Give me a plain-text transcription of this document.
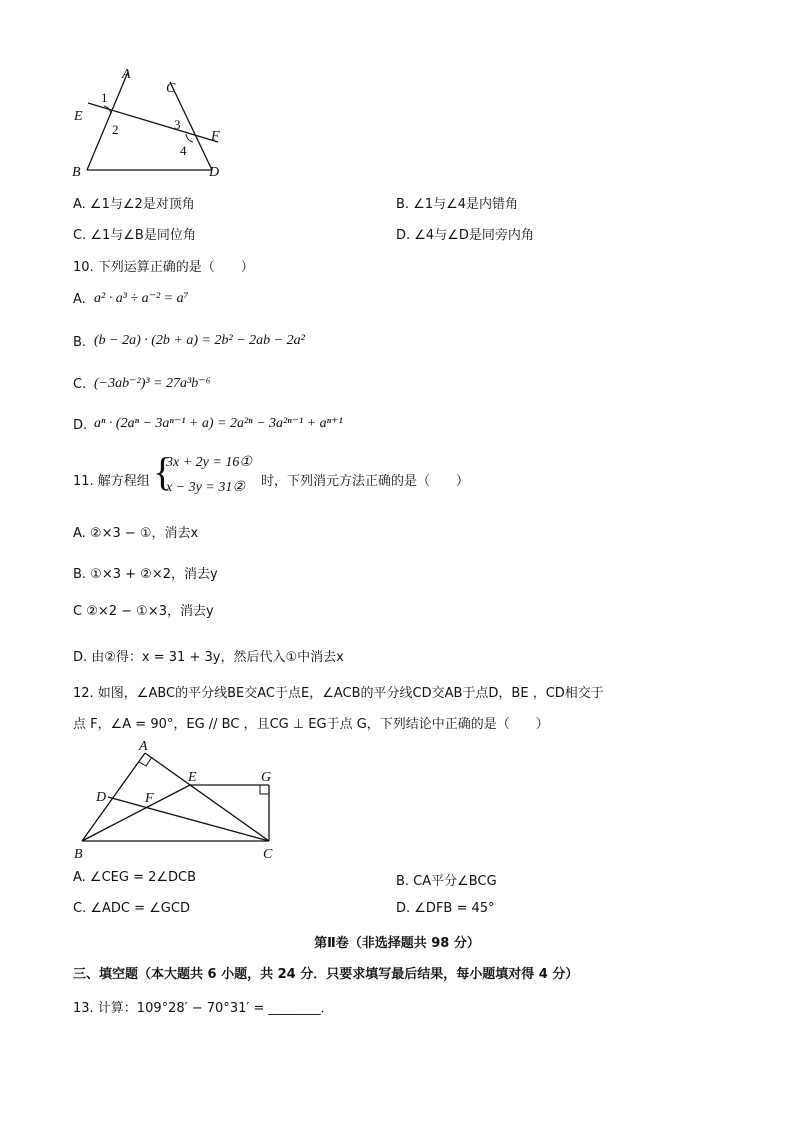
A
C
E
F
B	D
1
2	3
4
A. ∠1与∠2是对顶角	B. ∠1与∠4是内错角
C. ∠1与∠B是同位角	D. ∠4与∠D是同旁内角
10. 下列运算正确的是（　　）
A. a² · a³ ÷ a⁻² = a⁷
B. (b − 2a) · (2b + a) = 2b² − 2ab − 2a²
C. (−3ab⁻²)³ = 27a³b⁻⁶
D. aⁿ · (2aⁿ − 3aⁿ⁻¹ + a) = 2a²ⁿ − 3a²ⁿ⁻¹ + aⁿ⁺¹
11. 解方程组 {
3x + 2y = 16①
x − 3y = 31② 时，下列消元方法正确的是（　　）
A. ②×3 − ①，消去x
B. ①×3 + ②×2，消去y
C ②×2 − ①×3，消去y
D. 由②得：x = 31 + 3y，然后代入①中消去x
12. 如图，∠ABC的平分线BE交AC于点E，∠ACB的平分线CD交AB于点D，BE ，CD相交于
点 F，∠A = 90°，EG // BC ，且CG ⊥ EG于点 G，下列结论中正确的是（　　）
A
E	G
D	F
B	C
A. ∠CEG = 2∠DCB	B. CA平分∠BCG
C. ∠ADC = ∠GCD	D. ∠DFB = 45°
第Ⅱ卷（非选择题共 98 分）
三、填空题（本大题共 6 小题，共 24 分．只要求填写最后结果，每小题填对得 4 分）
13. 计算：109°28′ − 70°31′ = ________．
